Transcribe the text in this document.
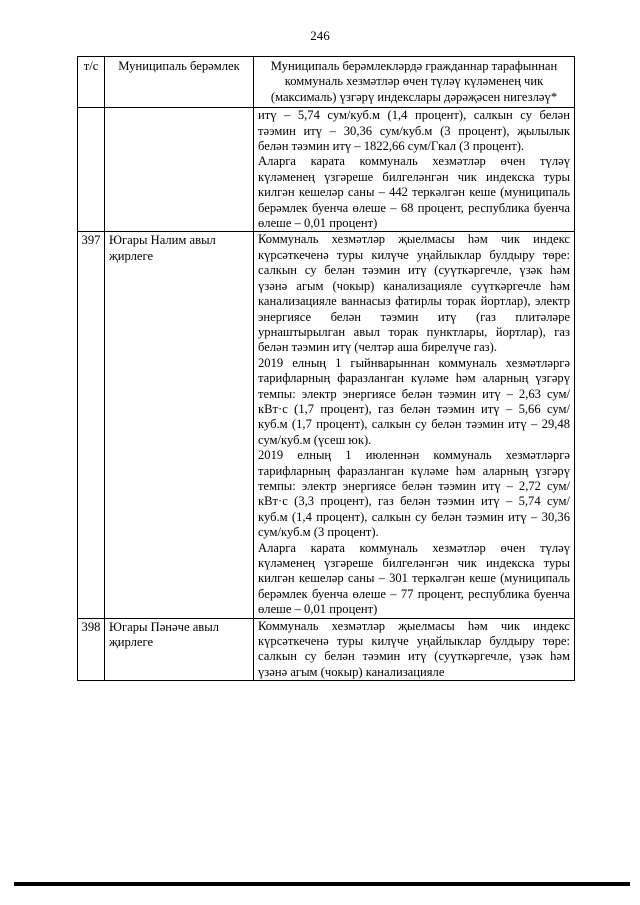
246
т/с	Муниципаль берәмлек	Муниципаль берәмлекләрдә гражданнар тарафыннан коммуналь хезмәтләр өчен түләү күләменең чик (максималь) үзгәрү индекслары дәрәҗәсен нигезләү*

		итү – 5,74 сум/куб.м (1,4 процент), салкын су белән тәэмин итү – 30,36 сум/куб.м (3 процент), җылылык белән тәэмин итү – 1822,66 сум/Гкал (3 процент).

Аларга карата коммуналь хезмәтләр өчен түләү күләменең үзгәреше билгеләнгән чик индекска туры килгән кешеләр саны – 442 теркәлгән кеше (муниципаль берәмлек буенча өлеше – 68 процент, республика буенча өлеше – 0,01 процент)

397	Югары Налим авыл җирлеге	Коммуналь хезмәтләр җыелмасы һәм чик индекс күрсәткеченә туры килүче уңайлыклар булдыру төре: салкын су белән тәэмин итү (суүткәргечле, үзәк һәм үзәнә агым (чокыр) канализацияле суүткәргечле һәм канализацияле ваннасыз фатирлы торак йортлар), электр энергиясе белән тәэмин итү (газ плитәләре урнаштырылган авыл торак пунктлары, йортлар), газ белән тәэмин итү (челтәр аша бирелүче газ).

2019 елның 1 гыйнварыннан коммуналь хезмәтләргә тарифларның фаразланган күләме һәм аларның үзгәрү темпы: электр энергиясе белән тәэмин итү – 2,63 сум/кВт·с (1,7 процент), газ белән тәэмин итү – 5,66 сум/куб.м (1,7 процент), салкын су белән тәэмин итү – 29,48 сум/куб.м (үсеш юк).

2019 елның 1 июленнән коммуналь хезмәтләргә тарифларның фаразланган күләме һәм аларның үзгәрү темпы: электр энергиясе белән тәэмин итү – 2,72 сум/кВт·с (3,3 процент), газ белән тәэмин итү – 5,74 сум/куб.м (1,4 процент), салкын су белән тәэмин итү – 30,36 сум/куб.м (3 процент).

Аларга карата коммуналь хезмәтләр өчен түләү күләменең үзгәреше билгеләнгән чик индекска туры килгән кешеләр саны – 301 теркәлгән кеше (муниципаль берәмлек буенча өлеше – 77 процент, республика буенча өлеше – 0,01 процент)

398	Югары Пәнәче авыл җирлеге	Коммуналь хезмәтләр җыелмасы һәм чик индекс күрсәткеченә туры килүче уңайлыклар булдыру төре: салкын су белән тәэмин итү (суүткәргечле, үзәк һәм үзәнә агым (чокыр) канализацияле
